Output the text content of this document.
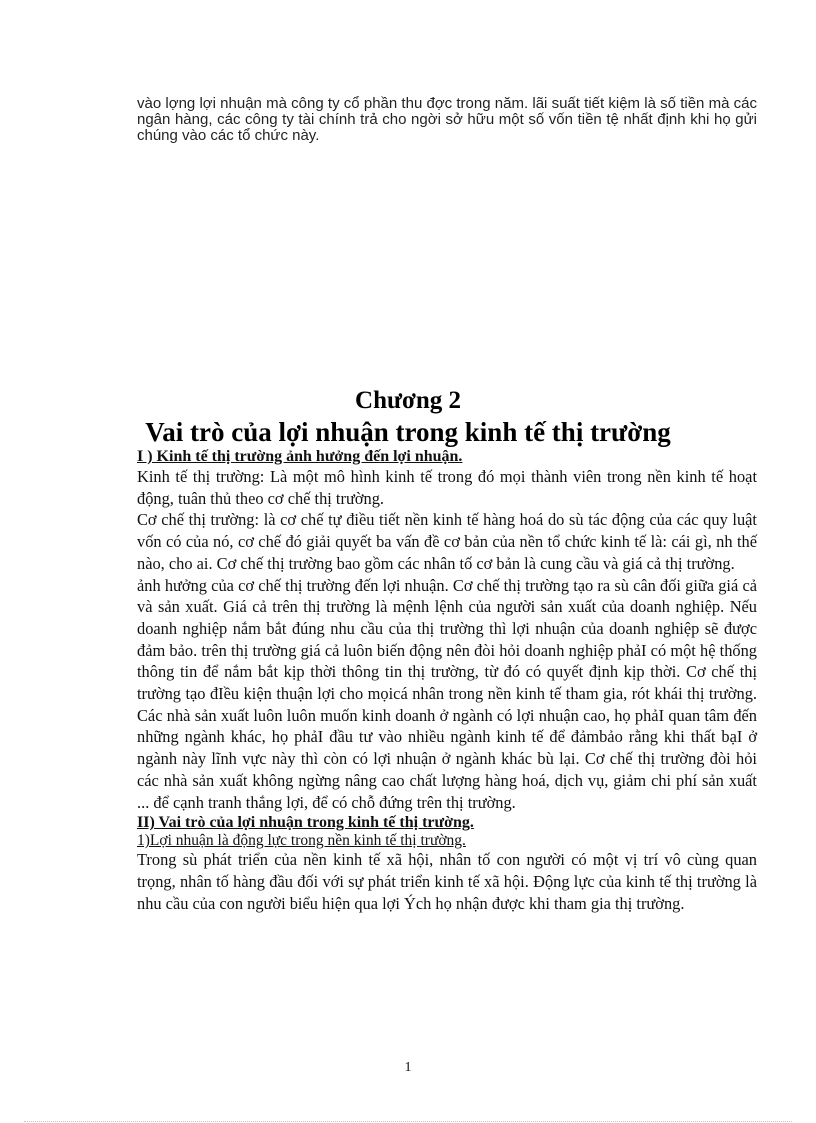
vào lợng lợi nhuận mà công ty cổ phần thu đợc trong năm. lãi suất tiết kiệm là số tiền mà các ngân hàng, các công ty tài chính trả cho ngời sở hữu một số vốn tiền tệ nhất định khi họ gửi chúng vào các tổ chức này.
Chương 2
Vai trò của lợi nhuận trong kinh tế thị trường

I ) Kinh tế thị trường ảnh hưởng đến lợi nhuận.

Kinh tế thị trường: Là một mô hình kinh tế trong đó mọi thành viên trong nền kinh tế hoạt động, tuân thủ theo cơ chế thị trường.

Cơ chế thị trường: là cơ chế tự điều tiết nền kinh tế hàng hoá do sù tác động của các quy luật vốn có của nó, cơ chế đó giải quyết ba vấn đề cơ bản của nền tổ chức kinh tế là: cái gì, nh thế nào, cho ai. Cơ chế thị trường bao gồm các nhân tố cơ bản là cung cầu và giá cả thị trường.

ảnh hưởng của cơ chế thị trường đến lợi nhuận. Cơ chế thị trường tạo ra sù cân đối giữa giá cả và sản xuất. Giá cả trên thị trường là mệnh lệnh của người sản xuất của doanh nghiệp. Nếu doanh nghiệp nắm bắt đúng nhu cầu của thị trường thì lợi nhuận của doanh nghiệp sẽ được đảm bảo. trên thị trường giá cả luôn biến động nên đòi hỏi doanh nghiệp phảI có một hệ thống thông tin để nắm bắt kịp thời thông tin thị trường, từ đó có quyết định kịp thời. Cơ chế thị trường tạo đIều kiện thuận lợi cho mọicá nhân trong nền kinh tế tham gia, rót khái thị trường. Các nhà sản xuất luôn luôn muốn kinh doanh ở ngành có lợi nhuận cao, họ phảI quan tâm đến những ngành khác, họ phảI đầu tư vào nhiều ngành kinh tế để đảmbảo rằng khi thất bạI ở ngành này lĩnh vực này thì còn có lợi nhuận ở ngành khác bù lại. Cơ chế thị trường đòi hỏi các nhà sản xuất không ngừng nâng cao chất lượng hàng hoá, dịch vụ, giảm chi phí sản xuất ... để cạnh tranh thắng lợi, để có chỗ đứng trên thị trường.

II) Vai trò của lợi nhuận trong kinh tế thị trường.

1)Lợi nhuận là động lực trong nền kinh tế thị trường.

Trong sù phát triển của nền kinh tế xã hội, nhân tố con người có một vị trí vô cùng quan trọng, nhân tố hàng đầu đối với sự phát triển kinh tế xã hội. Động lực của kinh tế thị trường là nhu cầu của con người biểu hiện qua lợi Ých họ nhận được khi tham gia thị trường.

1
